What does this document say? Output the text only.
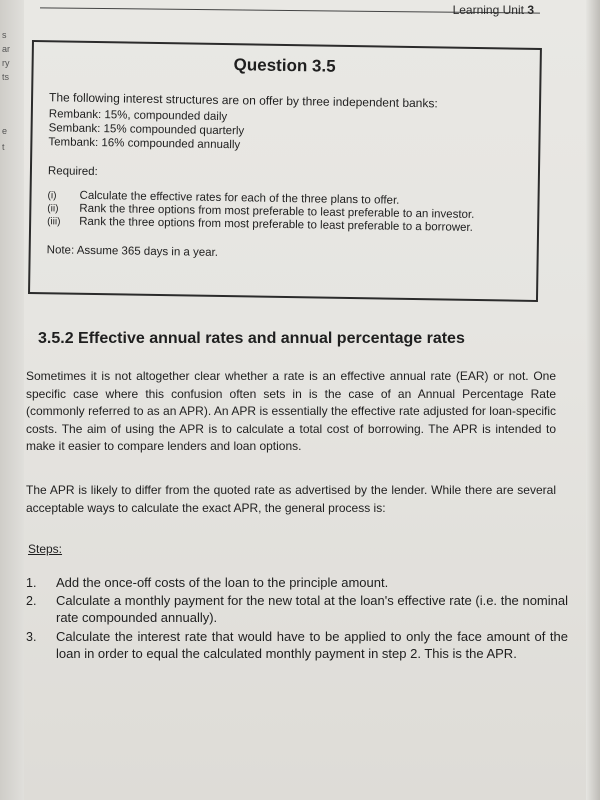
s
ar
ry
ts
e
t
Learning Unit 3
Question 3.5
The following interest structures are on offer by three independent banks:
Rembank: 15%, compounded daily
Sembank: 15% compounded quarterly
Tembank: 16% compounded annually
Required:
(i) Calculate the effective rates for each of the three plans to offer.
(ii) Rank the three options from most preferable to least preferable to an investor.
(iii) Rank the three options from most preferable to least preferable to a borrower.
Note: Assume 365 days in a year.
3.5.2 Effective annual rates and annual percentage rates
Sometimes it is not altogether clear whether a rate is an effective annual rate (EAR) or not. One specific case where this confusion often sets in is the case of an Annual Percentage Rate (commonly referred to as an APR). An APR is essentially the effective rate adjusted for loan-specific costs. The aim of using the APR is to calculate a total cost of borrowing. The APR is intended to make it easier to compare lenders and loan options.
The APR is likely to differ from the quoted rate as advertised by the lender. While there are several acceptable ways to calculate the exact APR, the general process is:
Steps:
1. Add the once-off costs of the loan to the principle amount.
2. Calculate a monthly payment for the new total at the loan's effective rate (i.e. the nominal rate compounded annually).
3. Calculate the interest rate that would have to be applied to only the face amount of the loan in order to equal the calculated monthly payment in step 2. This is the APR.
